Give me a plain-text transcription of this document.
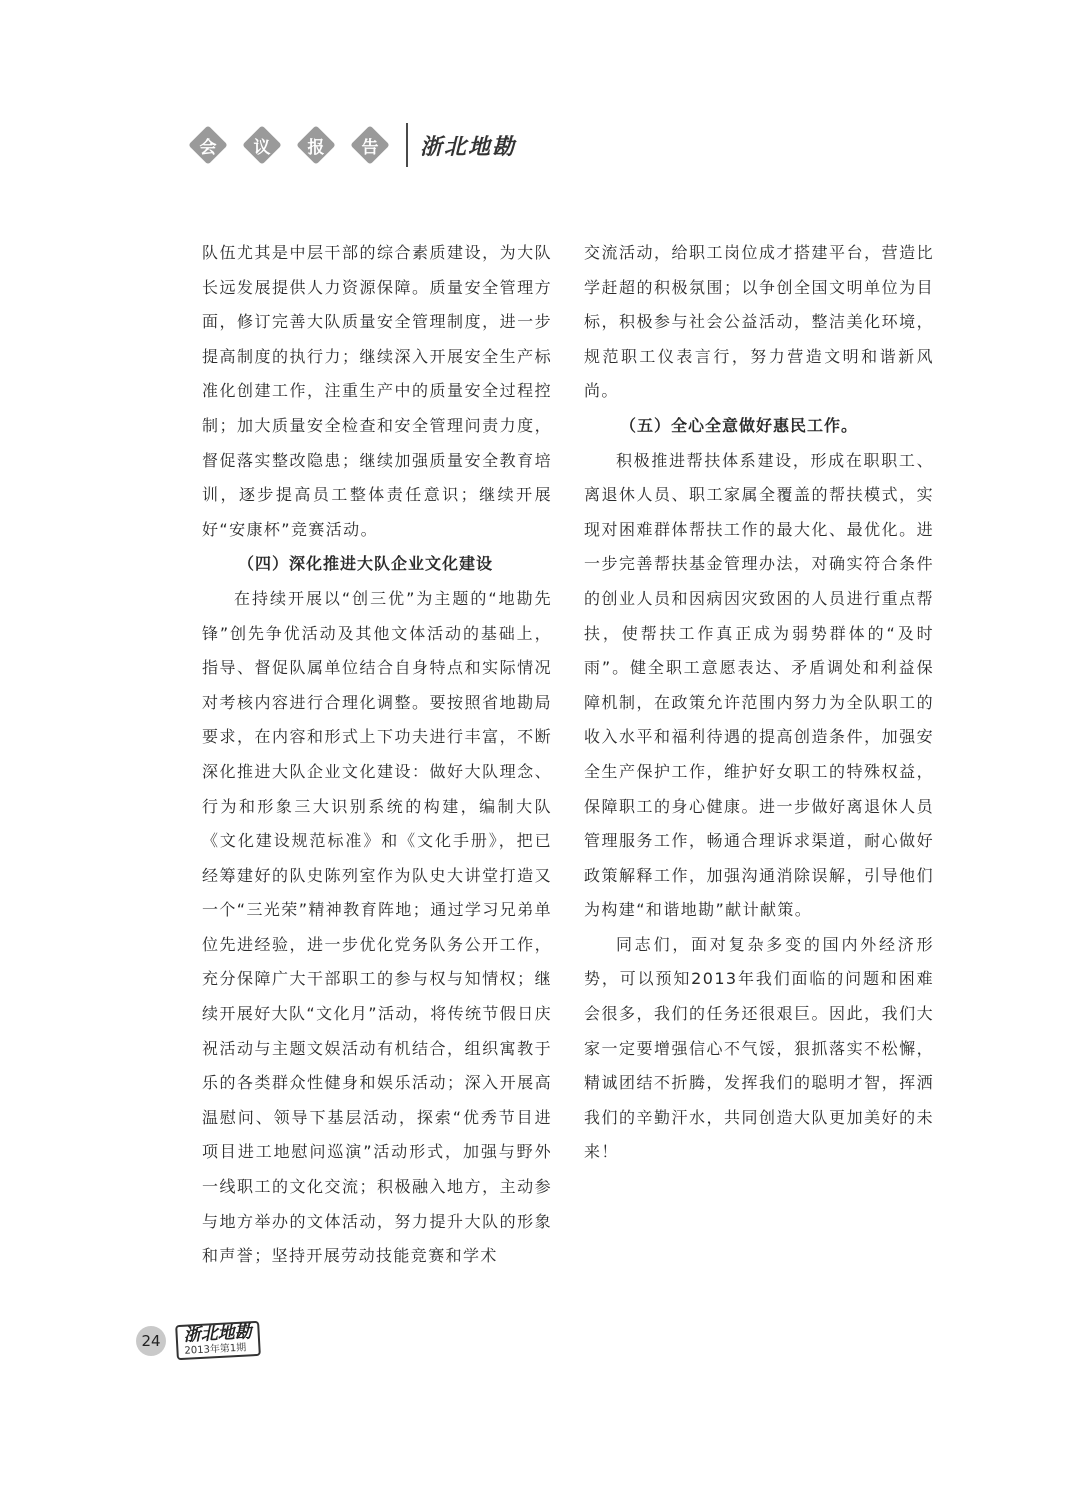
会 议 报 告 浙北地勘

队伍尤其是中层干部的综合素质建设，为大队长远发展提供人力资源保障。质量安全管理方面，修订完善大队质量安全管理制度，进一步提高制度的执行力；继续深入开展安全生产标准化创建工作，注重生产中的质量安全过程控制；加大质量安全检查和安全管理问责力度，督促落实整改隐患；继续加强质量安全教育培训，逐步提高员工整体责任意识；继续开展好“安康杯”竞赛活动。

（四）深化推进大队企业文化建设

在持续开展以“创三优”为主题的“地勘先锋”创先争优活动及其他文体活动的基础上，指导、督促队属单位结合自身特点和实际情况对考核内容进行合理化调整。要按照省地勘局要求，在内容和形式上下功夫进行丰富，不断深化推进大队企业文化建设：做好大队理念、行为和形象三大识别系统的构建，编制大队《文化建设规范标准》和《文化手册》，把已经筹建好的队史陈列室作为队史大讲堂打造又一个“三光荣”精神教育阵地；通过学习兄弟单位先进经验，进一步优化党务队务公开工作，充分保障广大干部职工的参与权与知情权；继续开展好大队“文化月”活动，将传统节假日庆祝活动与主题文娱活动有机结合，组织寓教于乐的各类群众性健身和娱乐活动；深入开展高温慰问、领导下基层活动，探索“优秀节目进项目进工地慰问巡演”活动形式，加强与野外一线职工的文化交流；积极融入地方，主动参与地方举办的文体活动，努力提升大队的形象和声誉；坚持开展劳动技能竞赛和学术

交流活动，给职工岗位成才搭建平台，营造比学赶超的积极氛围；以争创全国文明单位为目标，积极参与社会公益活动，整洁美化环境，规范职工仪表言行，努力营造文明和谐新风尚。

（五）全心全意做好惠民工作。

积极推进帮扶体系建设，形成在职职工、离退休人员、职工家属全覆盖的帮扶模式，实现对困难群体帮扶工作的最大化、最优化。进一步完善帮扶基金管理办法，对确实符合条件的创业人员和因病因灾致困的人员进行重点帮扶，使帮扶工作真正成为弱势群体的“及时雨”。健全职工意愿表达、矛盾调处和利益保障机制，在政策允许范围内努力为全队职工的收入水平和福利待遇的提高创造条件，加强安全生产保护工作，维护好女职工的特殊权益，保障职工的身心健康。进一步做好离退休人员管理服务工作，畅通合理诉求渠道，耐心做好政策解释工作，加强沟通消除误解，引导他们为构建“和谐地勘”献计献策。

同志们，面对复杂多变的国内外经济形势，可以预知2013年我们面临的问题和困难会很多，我们的任务还很艰巨。因此，我们大家一定要增强信心不气馁，狠抓落实不松懈，精诚团结不折腾，发挥我们的聪明才智，挥洒我们的辛勤汗水，共同创造大队更加美好的未来！

24	浙北地勘
2013年第1期
